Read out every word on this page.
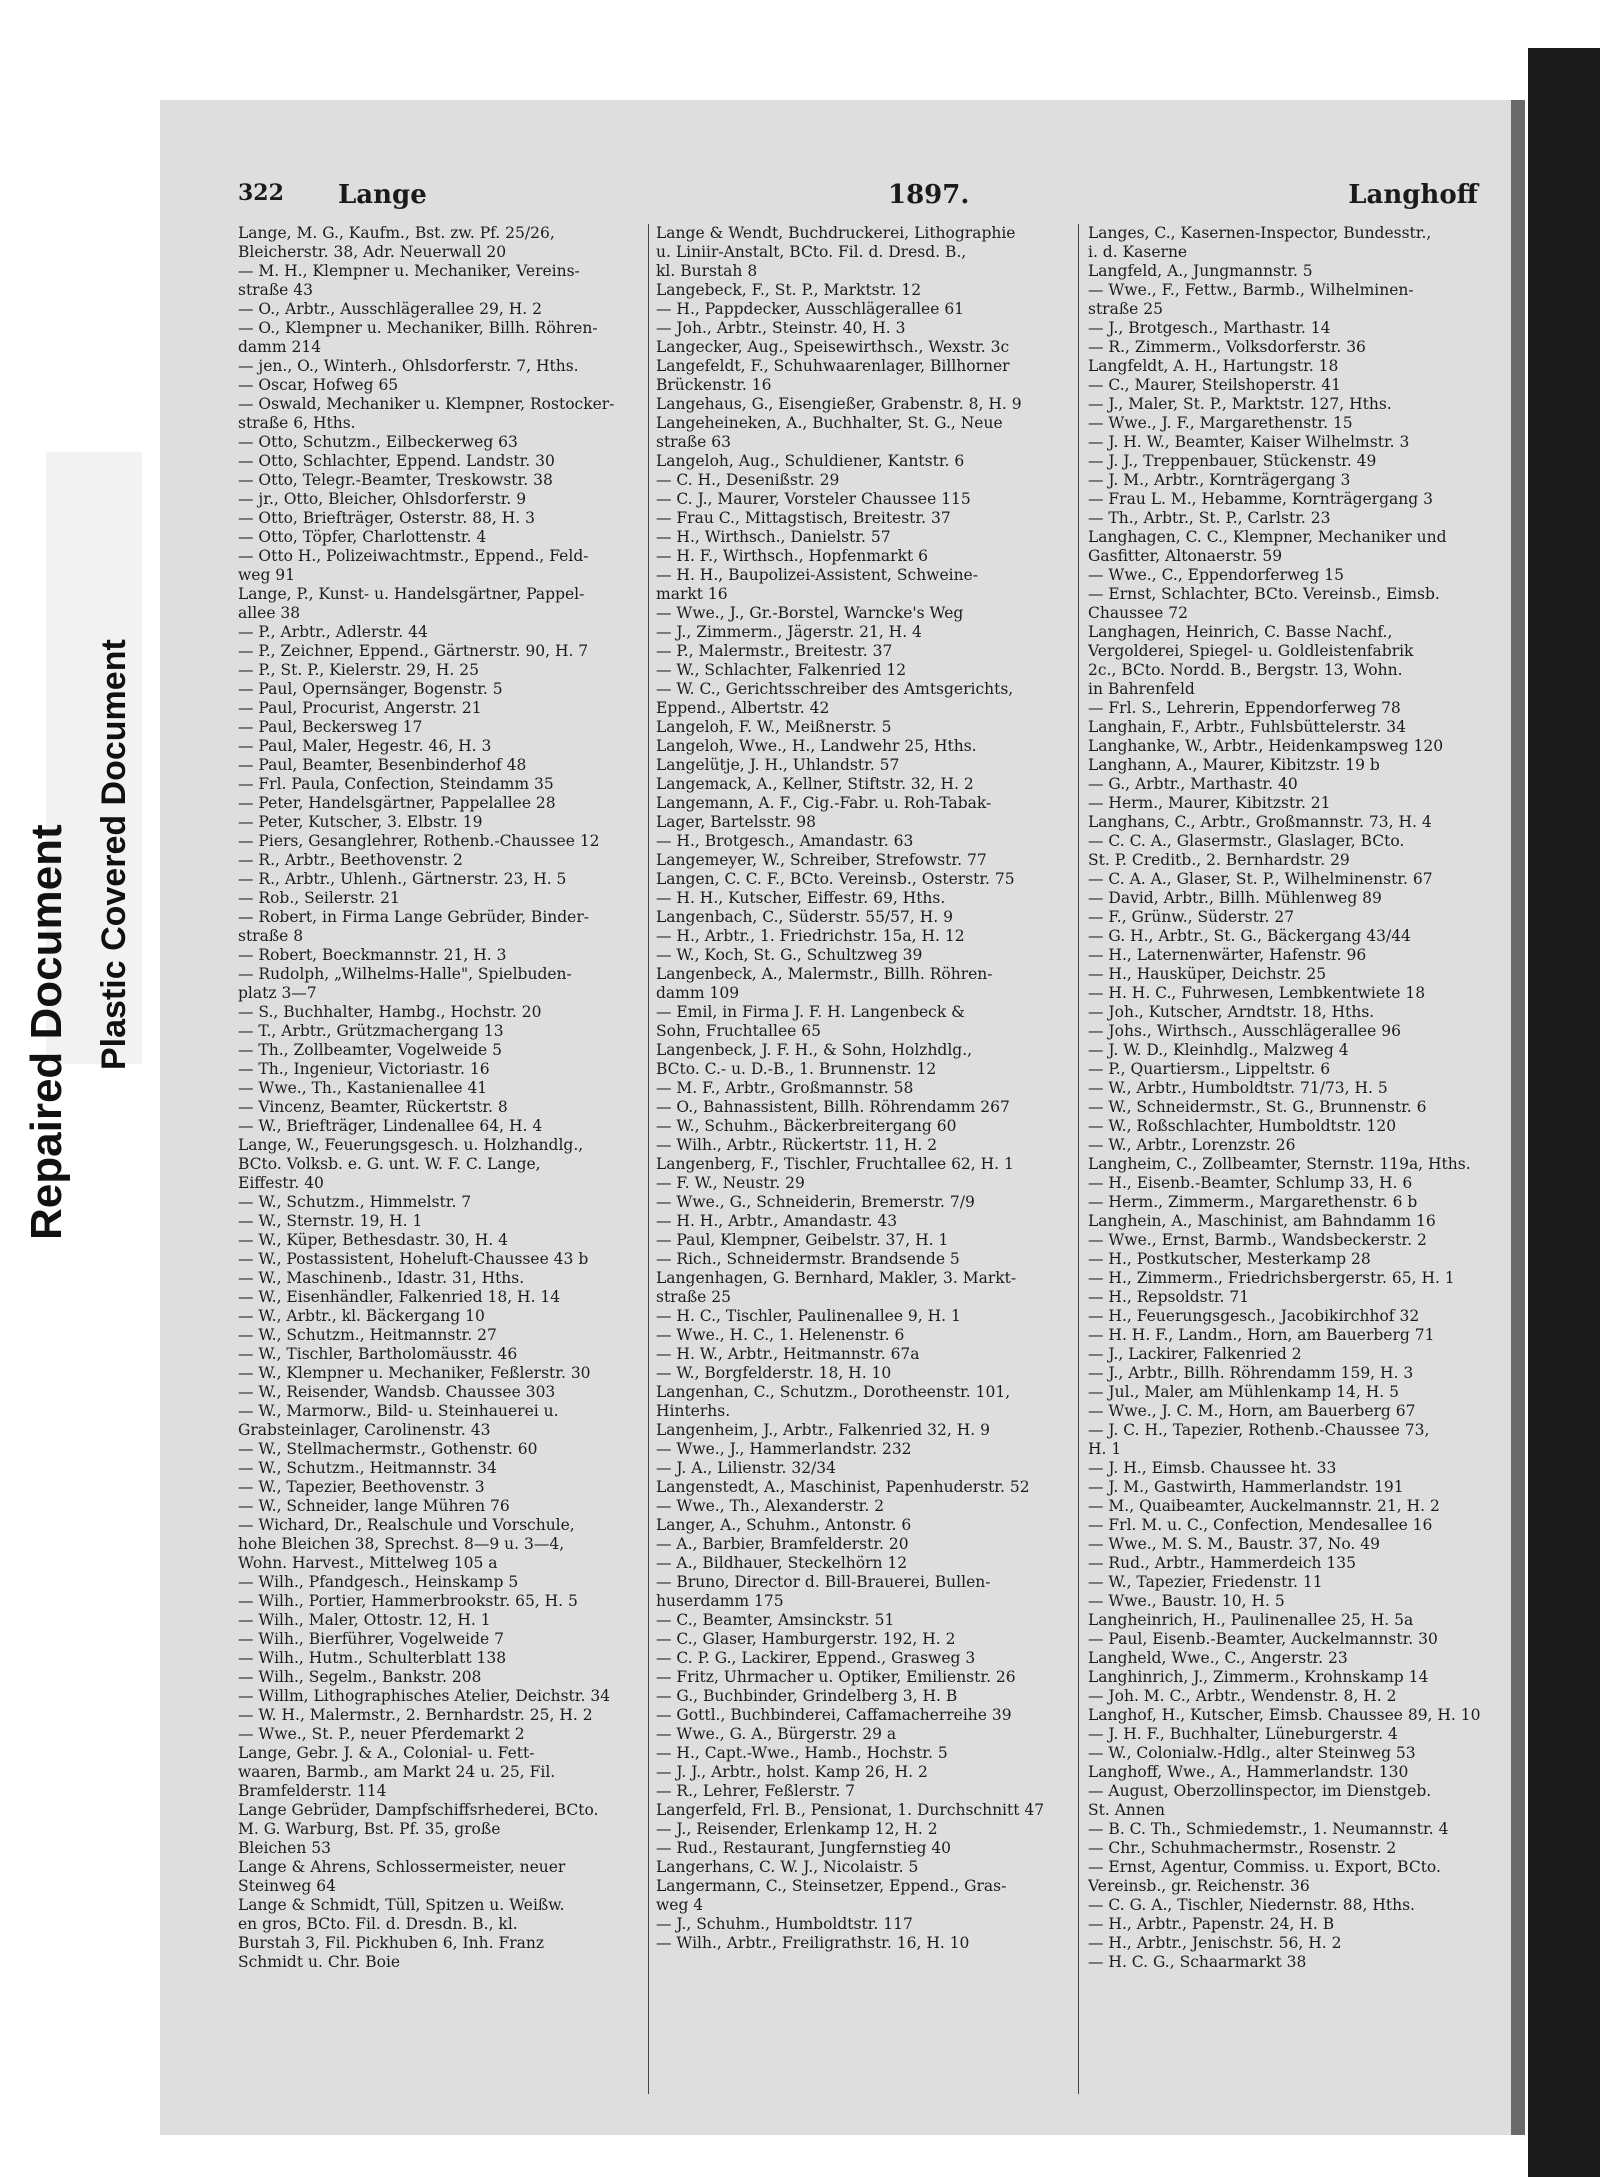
Repaired Document Plastic Covered Document
322 Lange	1897.	Langhoff

Lange, M. G., Kaufm., Bst. zw. Pf. 25/26,

Bleicherstr. 38, Adr. Neuerwall 20

— M. H., Klempner u. Mechaniker, Vereins-

straße 43

— O., Arbtr., Ausschlägerallee 29, H. 2

— O., Klempner u. Mechaniker, Billh. Röhren-

damm 214

— jen., O., Winterh., Ohlsdorferstr. 7, Hths.

— Oscar, Hofweg 65

— Oswald, Mechaniker u. Klempner, Rostocker-

straße 6, Hths.

— Otto, Schutzm., Eilbeckerweg 63

— Otto, Schlachter, Eppend. Landstr. 30

— Otto, Telegr.-Beamter, Treskowstr. 38

— jr., Otto, Bleicher, Ohlsdorferstr. 9

— Otto, Briefträger, Osterstr. 88, H. 3

— Otto, Töpfer, Charlottenstr. 4

— Otto H., Polizeiwachtmstr., Eppend., Feld-

weg 91

Lange, P., Kunst- u. Handelsgärtner, Pappel-

allee 38

— P., Arbtr., Adlerstr. 44

— P., Zeichner, Eppend., Gärtnerstr. 90, H. 7

— P., St. P., Kielerstr. 29, H. 25

— Paul, Opernsänger, Bogenstr. 5

— Paul, Procurist, Angerstr. 21

— Paul, Beckersweg 17

— Paul, Maler, Hegestr. 46, H. 3

— Paul, Beamter, Besenbinderhof 48

— Frl. Paula, Confection, Steindamm 35

— Peter, Handelsgärtner, Pappelallee 28

— Peter, Kutscher, 3. Elbstr. 19

— Piers, Gesanglehrer, Rothenb.-Chaussee 12

— R., Arbtr., Beethovenstr. 2

— R., Arbtr., Uhlenh., Gärtnerstr. 23, H. 5

— Rob., Seilerstr. 21

— Robert, in Firma Lange Gebrüder, Binder-

straße 8

— Robert, Boeckmannstr. 21, H. 3

— Rudolph, „Wilhelms-Halle", Spielbuden-

platz 3—7

— S., Buchhalter, Hambg., Hochstr. 20

— T., Arbtr., Grützmachergang 13

— Th., Zollbeamter, Vogelweide 5

— Th., Ingenieur, Victoriastr. 16

— Wwe., Th., Kastanienallee 41

— Vincenz, Beamter, Rückertstr. 8

— W., Briefträger, Lindenallee 64, H. 4

Lange, W., Feuerungsgesch. u. Holzhandlg.,

BCto. Volksb. e. G. unt. W. F. C. Lange,

Eiffestr. 40

— W., Schutzm., Himmelstr. 7

— W., Sternstr. 19, H. 1

— W., Küper, Bethesdastr. 30, H. 4

— W., Postassistent, Hoheluft-Chaussee 43 b

— W., Maschinenb., Idastr. 31, Hths.

— W., Eisenhändler, Falkenried 18, H. 14

— W., Arbtr., kl. Bäckergang 10

— W., Schutzm., Heitmannstr. 27

— W., Tischler, Bartholomäusstr. 46

— W., Klempner u. Mechaniker, Feßlerstr. 30

— W., Reisender, Wandsb. Chaussee 303

— W., Marmorw., Bild- u. Steinhauerei u.

Grabsteinlager, Carolinenstr. 43

— W., Stellmachermstr., Gothenstr. 60

— W., Schutzm., Heitmannstr. 34

— W., Tapezier, Beethovenstr. 3

— W., Schneider, lange Mühren 76

— Wichard, Dr., Realschule und Vorschule,

hohe Bleichen 38, Sprechst. 8—9 u. 3—4,

Wohn. Harvest., Mittelweg 105 a

— Wilh., Pfandgesch., Heinskamp 5

— Wilh., Portier, Hammerbrookstr. 65, H. 5

— Wilh., Maler, Ottostr. 12, H. 1

— Wilh., Bierführer, Vogelweide 7

— Wilh., Hutm., Schulterblatt 138

— Wilh., Segelm., Bankstr. 208

— Willm, Lithographisches Atelier, Deichstr. 34

— W. H., Malermstr., 2. Bernhardstr. 25, H. 2

— Wwe., St. P., neuer Pferdemarkt 2

Lange, Gebr. J. & A., Colonial- u. Fett-

waaren, Barmb., am Markt 24 u. 25, Fil.

Bramfelderstr. 114

Lange Gebrüder, Dampfschiffsrhederei, BCto.

M. G. Warburg, Bst. Pf. 35, große

Bleichen 53

Lange & Ahrens, Schlossermeister, neuer

Steinweg 64

Lange & Schmidt, Tüll, Spitzen u. Weißw.

en gros, BCto. Fil. d. Dresdn. B., kl.

Burstah 3, Fil. Pickhuben 6, Inh. Franz

Schmidt u. Chr. Boie

Lange & Wendt, Buchdruckerei, Lithographie

u. Liniir-Anstalt, BCto. Fil. d. Dresd. B.,

kl. Burstah 8

Langebeck, F., St. P., Marktstr. 12

— H., Pappdecker, Ausschlägerallee 61

— Joh., Arbtr., Steinstr. 40, H. 3

Langecker, Aug., Speisewirthsch., Wexstr. 3c

Langefeldt, F., Schuhwaarenlager, Billhorner

Brückenstr. 16

Langehaus, G., Eisengießer, Grabenstr. 8, H. 9

Langeheineken, A., Buchhalter, St. G., Neue

straße 63

Langeloh, Aug., Schuldiener, Kantstr. 6

— C. H., Desenißstr. 29

— C. J., Maurer, Vorsteler Chaussee 115

— Frau C., Mittagstisch, Breitestr. 37

— H., Wirthsch., Danielstr. 57

— H. F., Wirthsch., Hopfenmarkt 6

— H. H., Baupolizei-Assistent, Schweine-

markt 16

— Wwe., J., Gr.-Borstel, Warncke's Weg

— J., Zimmerm., Jägerstr. 21, H. 4

— P., Malermstr., Breitestr. 37

— W., Schlachter, Falkenried 12

— W. C., Gerichtsschreiber des Amtsgerichts,

Eppend., Albertstr. 42

Langeloh, F. W., Meißnerstr. 5

Langeloh, Wwe., H., Landwehr 25, Hths.

Langelütje, J. H., Uhlandstr. 57

Langemack, A., Kellner, Stiftstr. 32, H. 2

Langemann, A. F., Cig.-Fabr. u. Roh-Tabak-

Lager, Bartelsstr. 98

— H., Brotgesch., Amandastr. 63

Langemeyer, W., Schreiber, Strefowstr. 77

Langen, C. C. F., BCto. Vereinsb., Osterstr. 75

— H. H., Kutscher, Eiffestr. 69, Hths.

Langenbach, C., Süderstr. 55/57, H. 9

— H., Arbtr., 1. Friedrichstr. 15a, H. 12

— W., Koch, St. G., Schultzweg 39

Langenbeck, A., Malermstr., Billh. Röhren-

damm 109

— Emil, in Firma J. F. H. Langenbeck &

Sohn, Fruchtallee 65

Langenbeck, J. F. H., & Sohn, Holzhdlg.,

BCto. C.- u. D.-B., 1. Brunnenstr. 12

— M. F., Arbtr., Großmannstr. 58

— O., Bahnassistent, Billh. Röhrendamm 267

— W., Schuhm., Bäckerbreitergang 60

— Wilh., Arbtr., Rückertstr. 11, H. 2

Langenberg, F., Tischler, Fruchtallee 62, H. 1

— F. W., Neustr. 29

— Wwe., G., Schneiderin, Bremerstr. 7/9

— H. H., Arbtr., Amandastr. 43

— Paul, Klempner, Geibelstr. 37, H. 1

— Rich., Schneidermstr. Brandsende 5

Langenhagen, G. Bernhard, Makler, 3. Markt-

straße 25

— H. C., Tischler, Paulinenallee 9, H. 1

— Wwe., H. C., 1. Helenenstr. 6

— H. W., Arbtr., Heitmannstr. 67a

— W., Borgfelderstr. 18, H. 10

Langenhan, C., Schutzm., Dorotheenstr. 101,

Hinterhs.

Langenheim, J., Arbtr., Falkenried 32, H. 9

— Wwe., J., Hammerlandstr. 232

— J. A., Lilienstr. 32/34

Langenstedt, A., Maschinist, Papenhuderstr. 52

— Wwe., Th., Alexanderstr. 2

Langer, A., Schuhm., Antonstr. 6

— A., Barbier, Bramfelderstr. 20

— A., Bildhauer, Steckelhörn 12

— Bruno, Director d. Bill-Brauerei, Bullen-

huserdamm 175

— C., Beamter, Amsinckstr. 51

— C., Glaser, Hamburgerstr. 192, H. 2

— C. P. G., Lackirer, Eppend., Grasweg 3

— Fritz, Uhrmacher u. Optiker, Emilienstr. 26

— G., Buchbinder, Grindelberg 3, H. B

— Gottl., Buchbinderei, Caffamacherreihe 39

— Wwe., G. A., Bürgerstr. 29 a

— H., Capt.-Wwe., Hamb., Hochstr. 5

— J. J., Arbtr., holst. Kamp 26, H. 2

— R., Lehrer, Feßlerstr. 7

Langerfeld, Frl. B., Pensionat, 1. Durchschnitt 47

— J., Reisender, Erlenkamp 12, H. 2

— Rud., Restaurant, Jungfernstieg 40

Langerhans, C. W. J., Nicolaistr. 5

Langermann, C., Steinsetzer, Eppend., Gras-

weg 4

— J., Schuhm., Humboldtstr. 117

— Wilh., Arbtr., Freiligrathstr. 16, H. 10

Langes, C., Kasernen-Inspector, Bundesstr.,

i. d. Kaserne

Langfeld, A., Jungmannstr. 5

— Wwe., F., Fettw., Barmb., Wilhelminen-

straße 25

— J., Brotgesch., Marthastr. 14

— R., Zimmerm., Volksdorferstr. 36

Langfeldt, A. H., Hartungstr. 18

— C., Maurer, Steilshoperstr. 41

— J., Maler, St. P., Marktstr. 127, Hths.

— Wwe., J. F., Margarethenstr. 15

— J. H. W., Beamter, Kaiser Wilhelmstr. 3

— J. J., Treppenbauer, Stückenstr. 49

— J. M., Arbtr., Kornträgergang 3

— Frau L. M., Hebamme, Kornträgergang 3

— Th., Arbtr., St. P., Carlstr. 23

Langhagen, C. C., Klempner, Mechaniker und

Gasfitter, Altonaerstr. 59

— Wwe., C., Eppendorferweg 15

— Ernst, Schlachter, BCto. Vereinsb., Eimsb.

Chaussee 72

Langhagen, Heinrich, C. Basse Nachf.,

Vergolderei, Spiegel- u. Goldleistenfabrik

2c., BCto. Nordd. B., Bergstr. 13, Wohn.

in Bahrenfeld

— Frl. S., Lehrerin, Eppendorferweg 78

Langhain, F., Arbtr., Fuhlsbüttelerstr. 34

Langhanke, W., Arbtr., Heidenkampsweg 120

Langhann, A., Maurer, Kibitzstr. 19 b

— G., Arbtr., Marthastr. 40

— Herm., Maurer, Kibitzstr. 21

Langhans, C., Arbtr., Großmannstr. 73, H. 4

— C. C. A., Glasermstr., Glaslager, BCto.

St. P. Creditb., 2. Bernhardstr. 29

— C. A. A., Glaser, St. P., Wilhelminenstr. 67

— David, Arbtr., Billh. Mühlenweg 89

— F., Grünw., Süderstr. 27

— G. H., Arbtr., St. G., Bäckergang 43/44

— H., Laternenwärter, Hafenstr. 96

— H., Hausküper, Deichstr. 25

— H. H. C., Fuhrwesen, Lembkentwiete 18

— Joh., Kutscher, Arndtstr. 18, Hths.

— Johs., Wirthsch., Ausschlägerallee 96

— J. W. D., Kleinhdlg., Malzweg 4

— P., Quartiersm., Lippeltstr. 6

— W., Arbtr., Humboldtstr. 71/73, H. 5

— W., Schneidermstr., St. G., Brunnenstr. 6

— W., Roßschlachter, Humboldtstr. 120

— W., Arbtr., Lorenzstr. 26

Langheim, C., Zollbeamter, Sternstr. 119a, Hths.

— H., Eisenb.-Beamter, Schlump 33, H. 6

— Herm., Zimmerm., Margarethenstr. 6 b

Langhein, A., Maschinist, am Bahndamm 16

— Wwe., Ernst, Barmb., Wandsbeckerstr. 2

— H., Postkutscher, Mesterkamp 28

— H., Zimmerm., Friedrichsbergerstr. 65, H. 1

— H., Repsoldstr. 71

— H., Feuerungsgesch., Jacobikirchhof 32

— H. H. F., Landm., Horn, am Bauerberg 71

— J., Lackirer, Falkenried 2

— J., Arbtr., Billh. Röhrendamm 159, H. 3

— Jul., Maler, am Mühlenkamp 14, H. 5

— Wwe., J. C. M., Horn, am Bauerberg 67

— J. C. H., Tapezier, Rothenb.-Chaussee 73,

H. 1

— J. H., Eimsb. Chaussee ht. 33

— J. M., Gastwirth, Hammerlandstr. 191

— M., Quaibeamter, Auckelmannstr. 21, H. 2

— Frl. M. u. C., Confection, Mendesallee 16

— Wwe., M. S. M., Baustr. 37, No. 49

— Rud., Arbtr., Hammerdeich 135

— W., Tapezier, Friedenstr. 11

— Wwe., Baustr. 10, H. 5

Langheinrich, H., Paulinenallee 25, H. 5a

— Paul, Eisenb.-Beamter, Auckelmannstr. 30

Langheld, Wwe., C., Angerstr. 23

Langhinrich, J., Zimmerm., Krohnskamp 14

— Joh. M. C., Arbtr., Wendenstr. 8, H. 2

Langhof, H., Kutscher, Eimsb. Chaussee 89, H. 10

— J. H. F., Buchhalter, Lüneburgerstr. 4

— W., Colonialw.-Hdlg., alter Steinweg 53

Langhoff, Wwe., A., Hammerlandstr. 130

— August, Oberzollinspector, im Dienstgeb.

St. Annen

— B. C. Th., Schmiedemstr., 1. Neumannstr. 4

— Chr., Schuhmachermstr., Rosenstr. 2

— Ernst, Agentur, Commiss. u. Export, BCto.

Vereinsb., gr. Reichenstr. 36

— C. G. A., Tischler, Niedernstr. 88, Hths.

— H., Arbtr., Papenstr. 24, H. B

— H., Arbtr., Jenischstr. 56, H. 2

— H. C. G., Schaarmarkt 38
